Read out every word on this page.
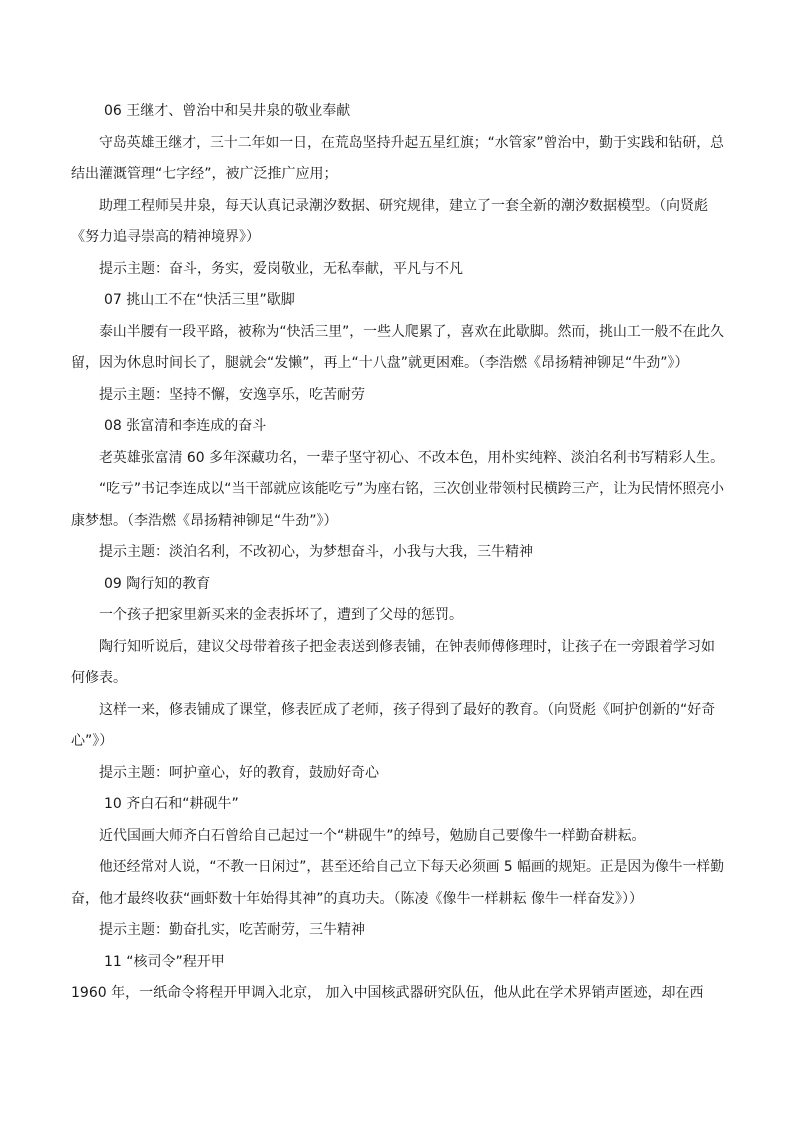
06 王继才、曾治中和吴井泉的敬业奉献
守岛英雄王继才，三十二年如一日，在荒岛坚持升起五星红旗；“水管家”曾治中，勤于实践和钻研，总
结出灌溉管理“七字经”，被广泛推广应用；
助理工程师吴井泉，每天认真记录潮汐数据、研究规律，建立了一套全新的潮汐数据模型。（向贤彪
《努力追寻崇高的精神境界》）
提示主题：奋斗，务实，爱岗敬业，无私奉献，平凡与不凡
07 挑山工不在“快活三里”歇脚
泰山半腰有一段平路，被称为“快活三里”，一些人爬累了，喜欢在此歇脚。然而，挑山工一般不在此久
留，因为休息时间长了，腿就会“发懒”，再上“十八盘”就更困难。（李浩燃《昂扬精神铆足“牛劲”》）
提示主题：坚持不懈，安逸享乐，吃苦耐劳
08 张富清和李连成的奋斗
老英雄张富清 60 多年深藏功名，一辈子坚守初心、不改本色，用朴实纯粹、淡泊名利书写精彩人生。
“吃亏”书记李连成以“当干部就应该能吃亏”为座右铭，三次创业带领村民横跨三产，让为民情怀照亮小
康梦想。（李浩燃《昂扬精神铆足“牛劲”》）
提示主题：淡泊名利，不改初心，为梦想奋斗，小我与大我，三牛精神
09 陶行知的教育
一个孩子把家里新买来的金表拆坏了，遭到了父母的惩罚。
陶行知听说后，建议父母带着孩子把金表送到修表铺，在钟表师傅修理时，让孩子在一旁跟着学习如
何修表。
这样一来，修表铺成了课堂，修表匠成了老师，孩子得到了最好的教育。（向贤彪《呵护创新的“好奇
心”》）
提示主题：呵护童心，好的教育，鼓励好奇心
10 齐白石和“耕砚牛”
近代国画大师齐白石曾给自己起过一个“耕砚牛”的绰号，勉励自己要像牛一样勤奋耕耘。
他还经常对人说，“不教一日闲过”，甚至还给自己立下每天必须画 5 幅画的规矩。正是因为像牛一样勤
奋，他才最终收获“画虾数十年始得其神”的真功夫。（陈凌《像牛一样耕耘 像牛一样奋发》））
提示主题：勤奋扎实，吃苦耐劳，三牛精神
11 “核司令”程开甲
1960 年，一纸命令将程开甲调入北京， 加入中国核武器研究队伍，他从此在学术界销声匿迹，却在西
